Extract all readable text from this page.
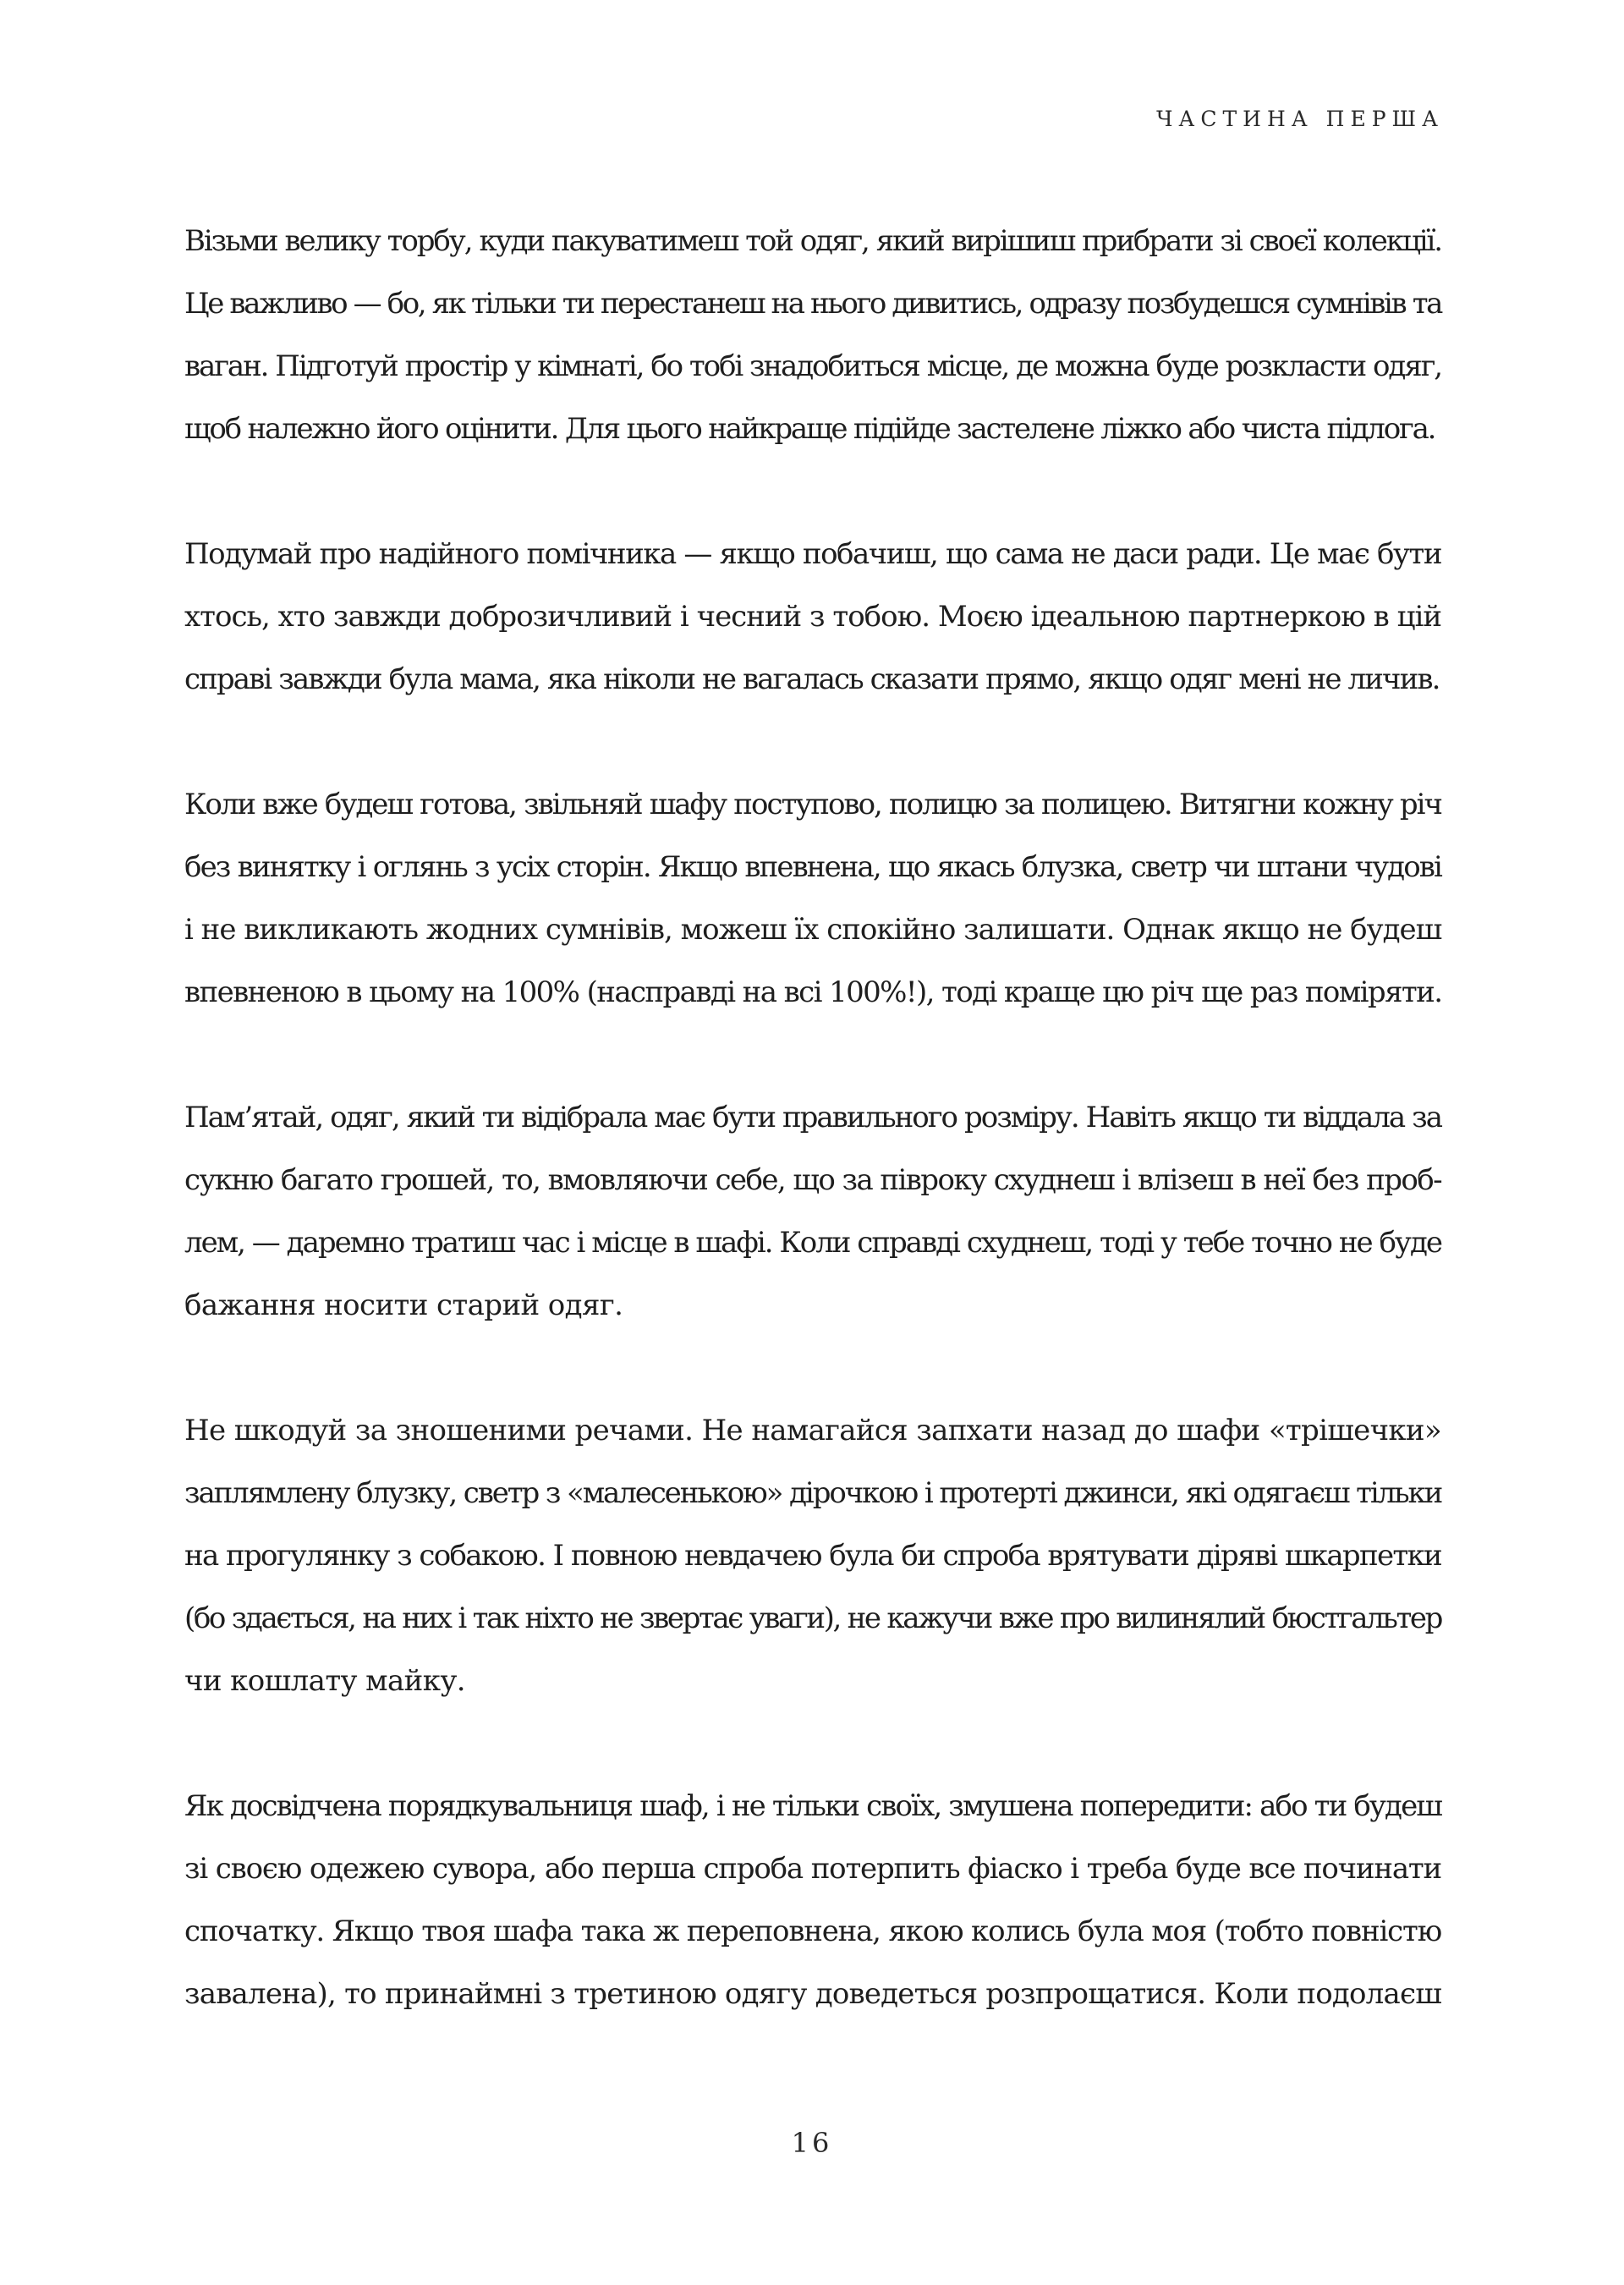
ЧАСТИНА ПЕРША
Візьми велику торбу, куди пакуватимеш той одяг, який вирішиш прибрати зі своєї колекції.
Це важливо — бо, як тільки ти перестанеш на нього дивитись, одразу позбудешся сумнівів та
ваган. Підготуй простір у кімнаті, бо тобі знадобиться місце, де можна буде розкласти одяг,
щоб належно його оцінити. Для цього найкраще підійде застелене ліжко або чиста підлога.
Подумай про надійного помічника — якщо побачиш, що сама не даси ради. Це має бути
хтось, хто завжди доброзичливий і чесний з тобою. Моєю ідеальною партнеркою в цій
справі завжди була мама, яка ніколи не вагалась сказати прямо, якщо одяг мені не личив.
Коли вже будеш готова, звільняй шафу поступово, полицю за полицею. Витягни кожну річ
без винятку і оглянь з усіх сторін. Якщо впевнена, що якась блузка, светр чи штани чудові
і не викликають жодних сумнівів, можеш їх спокійно залишати. Однак якщо не будеш
впевненою в цьому на 100% (насправді на всі 100%!), тоді краще цю річ ще раз поміряти.
Пам’ятай, одяг, який ти відібрала має бути правильного розміру. Навіть якщо ти віддала за
сукню багато грошей, то, вмовляючи себе, що за півроку схуднеш і влізеш в неї без проб-
лем, — даремно тратиш час і місце в шафі. Коли справді схуднеш, тоді у тебе точно не буде
бажання носити старий одяг.
Не шкодуй за зношеними речами. Не намагайся запхати назад до шафи «трішечки»
заплямлену блузку, светр з «малесенькою» дірочкою і протерті джинси, які одягаєш тільки
на прогулянку з собакою. І повною невдачею була би спроба врятувати діряві шкарпетки
(бо здається, на них і так ніхто не звертає уваги), не кажучи вже про вилинялий бюстгальтер
чи кошлату майку.
Як досвідчена порядкувальниця шаф, і не тільки своїх, змушена попередити: або ти будеш
зі своєю одежею сувора, або перша спроба потерпить фіаско і треба буде все починати
спочатку. Якщо твоя шафа така ж переповнена, якою колись була моя (тобто повністю
завалена), то принаймні з третиною одягу доведеться розпрощатися. Коли подолаєш
16
